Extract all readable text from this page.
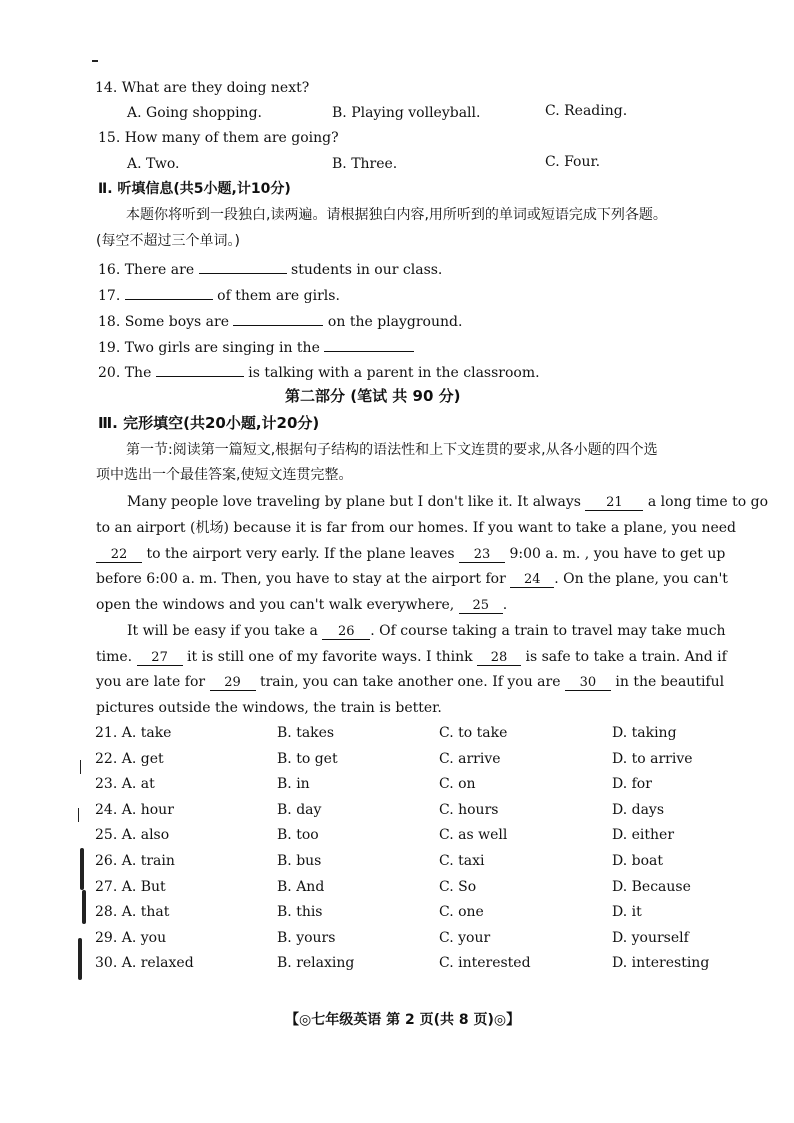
14. What are they doing next?
A. Going shopping.	B. Playing volleyball.	C. Reading.
15. How many of them are going?
A. Two.	B. Three.	C. Four.
Ⅱ. 听填信息(共5小题,计10分)
本题你将听到一段独白,读两遍。请根据独白内容,用所听到的单词或短语完成下列各题。
(每空不超过三个单词。)
16. There are	students in our class.
17.	of them are girls.
18. Some boys are	on the playground.
19. Two girls are singing in the
20. The	is talking with a parent in the classroom.
第二部分 (笔试 共 90 分)
Ⅲ. 完形填空(共20小题,计20分)
第一节:阅读第一篇短文,根据句子结构的语法性和上下文连贯的要求,从各小题的四个选
项中选出一个最佳答案,使短文连贯完整。
Many people love traveling by plane but I don't like it. It always 21 a long time to go
to an airport (机场) because it is far from our homes. If you want to take a plane, you need
22 to the airport very early. If the plane leaves 23 9:00 a. m. , you have to get up
before 6:00 a. m. Then, you have to stay at the airport for 24 . On the plane, you can't
open the windows and you can't walk everywhere, 25 .
It will be easy if you take a 26 . Of course taking a train to travel may take much
time. 27 it is still one of my favorite ways. I think 28 is safe to take a train. And if
you are late for 29 train, you can take another one. If you are 30 in the beautiful
pictures outside the windows, the train is better.
21. A. take	B. takes	C. to take	D. taking
22. A. get	B. to get	C. arrive	D. to arrive
23. A. at	B. in	C. on	D. for
24. A. hour	B. day	C. hours	D. days
25. A. also	B. too	C. as well	D. either
26. A. train	B. bus	C. taxi	D. boat
27. A. But	B. And	C. So	D. Because
28. A. that	B. this	C. one	D. it
29. A. you	B. yours	C. your	D. yourself
30. A. relaxed	B. relaxing	C. interested	D. interesting
【◎七年级英语 第 2 页(共 8 页)◎】
